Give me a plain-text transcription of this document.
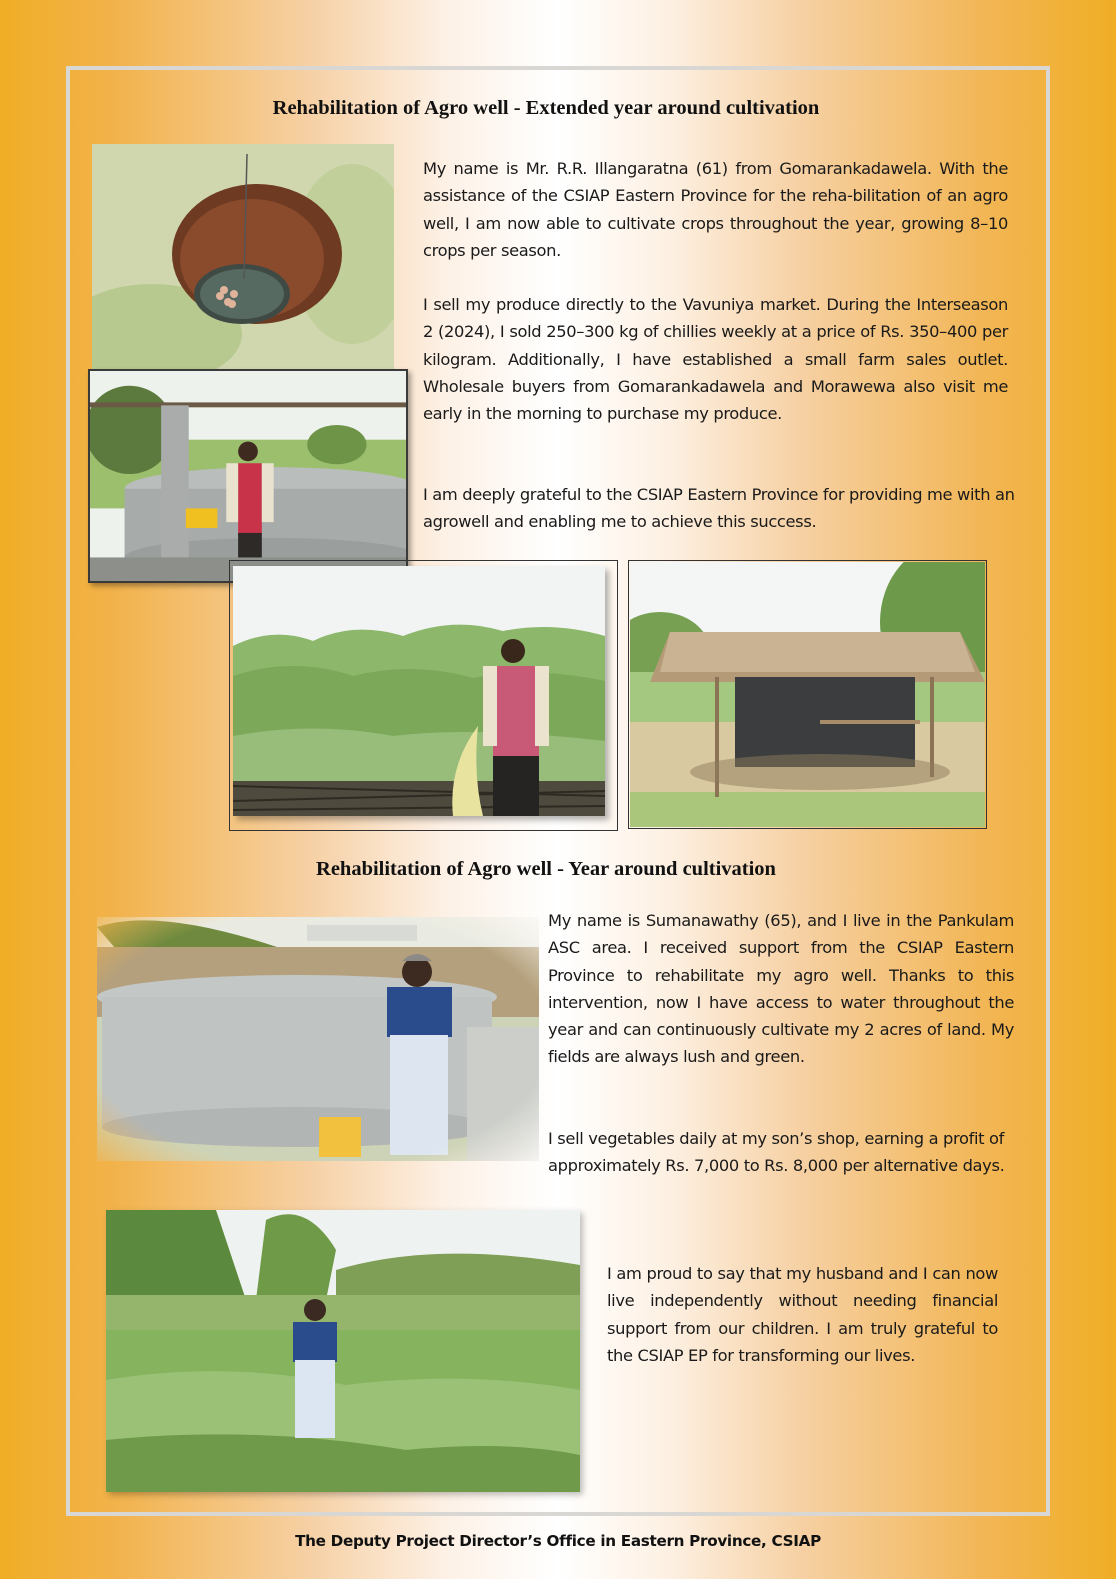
Rehabilitation of Agro well - Extended year around cultivation
My name is Mr. R.R. Illangaratna (61) from Gomarankadawela. With the assistance of the CSIAP Eastern Province for the reha-bilitation of an agro well, I am now able to cultivate crops throughout the year, growing 8–10 crops per season.
I sell my produce directly to the Vavuniya market. During the Interseason 2 (2024), I sold 250–300 kg of chillies weekly at a price of Rs. 350–400 per kilogram. Additionally, I have established a small farm sales outlet. Wholesale buyers from Gomarankadawela and Morawewa also visit me early in the morning to purchase my produce.
I am deeply grateful to the CSIAP Eastern Province for providing me with an agrowell and enabling me to achieve this success.
Rehabilitation of Agro well - Year around cultivation
My name is Sumanawathy (65), and I live in the Pankulam ASC area. I received support from the CSIAP Eastern Province to rehabilitate my agro well. Thanks to this intervention, now I have access to water throughout the year and can continuously cultivate my 2 acres of land. My fields are always lush and green.
I sell vegetables daily at my son’s shop, earning a profit of approximately Rs. 7,000 to Rs. 8,000 per alternative days.
I am proud to say that my husband and I can now live independently without needing financial support from our children. I am truly grateful to the CSIAP EP for transforming our lives.
The Deputy Project Director’s Office in Eastern Province, CSIAP
